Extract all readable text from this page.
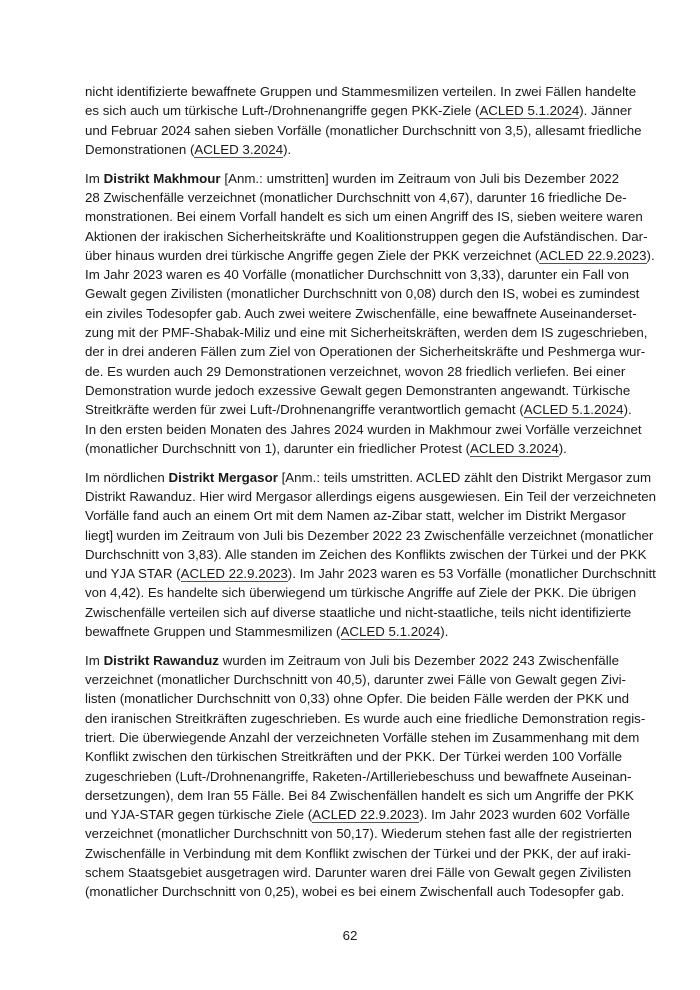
nicht identifizierte bewaffnete Gruppen und Stammesmilizen verteilen. In zwei Fällen handelte
es sich auch um türkische Luft-/Drohnenangriffe gegen PKK-Ziele (ACLED 5.1.2024). Jänner
und Februar 2024 sahen sieben Vorfälle (monatlicher Durchschnitt von 3,5), allesamt friedliche
Demonstrationen (ACLED 3.2024).
Im Distrikt Makhmour [Anm.: umstritten] wurden im Zeitraum von Juli bis Dezember 2022
28 Zwischenfälle verzeichnet (monatlicher Durchschnitt von 4,67), darunter 16 friedliche De-
monstrationen. Bei einem Vorfall handelt es sich um einen Angriff des IS, sieben weitere waren
Aktionen der irakischen Sicherheitskräfte und Koalitionstruppen gegen die Aufständischen. Dar-
über hinaus wurden drei türkische Angriffe gegen Ziele der PKK verzeichnet (ACLED 22.9.2023).
Im Jahr 2023 waren es 40 Vorfälle (monatlicher Durchschnitt von 3,33), darunter ein Fall von
Gewalt gegen Zivilisten (monatlicher Durchschnitt von 0,08) durch den IS, wobei es zumindest
ein ziviles Todesopfer gab. Auch zwei weitere Zwischenfälle, eine bewaffnete Auseinanderset-
zung mit der PMF-Shabak-Miliz und eine mit Sicherheitskräften, werden dem IS zugeschrieben,
der in drei anderen Fällen zum Ziel von Operationen der Sicherheitskräfte und Peshmerga wur-
de. Es wurden auch 29 Demonstrationen verzeichnet, wovon 28 friedlich verliefen. Bei einer
Demonstration wurde jedoch exzessive Gewalt gegen Demonstranten angewandt. Türkische
Streitkräfte werden für zwei Luft-/Drohnenangriffe verantwortlich gemacht (ACLED 5.1.2024).
In den ersten beiden Monaten des Jahres 2024 wurden in Makhmour zwei Vorfälle verzeichnet
(monatlicher Durchschnitt von 1), darunter ein friedlicher Protest (ACLED 3.2024).
Im nördlichen Distrikt Mergasor [Anm.: teils umstritten. ACLED zählt den Distrikt Mergasor zum
Distrikt Rawanduz. Hier wird Mergasor allerdings eigens ausgewiesen. Ein Teil der verzeichneten
Vorfälle fand auch an einem Ort mit dem Namen az-Zibar statt, welcher im Distrikt Mergasor
liegt] wurden im Zeitraum von Juli bis Dezember 2022 23 Zwischenfälle verzeichnet (monatlicher
Durchschnitt von 3,83). Alle standen im Zeichen des Konflikts zwischen der Türkei und der PKK
und YJA STAR (ACLED 22.9.2023). Im Jahr 2023 waren es 53 Vorfälle (monatlicher Durchschnitt
von 4,42). Es handelte sich überwiegend um türkische Angriffe auf Ziele der PKK. Die übrigen
Zwischenfälle verteilen sich auf diverse staatliche und nicht-staatliche, teils nicht identifizierte
bewaffnete Gruppen und Stammesmilizen (ACLED 5.1.2024).
Im Distrikt Rawanduz wurden im Zeitraum von Juli bis Dezember 2022 243 Zwischenfälle
verzeichnet (monatlicher Durchschnitt von 40,5), darunter zwei Fälle von Gewalt gegen Zivi-
listen (monatlicher Durchschnitt von 0,33) ohne Opfer. Die beiden Fälle werden der PKK und
den iranischen Streitkräften zugeschrieben. Es wurde auch eine friedliche Demonstration regis-
triert. Die überwiegende Anzahl der verzeichneten Vorfälle stehen im Zusammenhang mit dem
Konflikt zwischen den türkischen Streitkräften und der PKK. Der Türkei werden 100 Vorfälle
zugeschrieben (Luft-/Drohnenangriffe, Raketen-/Artilleriebeschuss und bewaffnete Auseinan-
dersetzungen), dem Iran 55 Fälle. Bei 84 Zwischenfällen handelt es sich um Angriffe der PKK
und YJA-STAR gegen türkische Ziele (ACLED 22.9.2023). Im Jahr 2023 wurden 602 Vorfälle
verzeichnet (monatlicher Durchschnitt von 50,17). Wiederum stehen fast alle der registrierten
Zwischenfälle in Verbindung mit dem Konflikt zwischen der Türkei und der PKK, der auf iraki-
schem Staatsgebiet ausgetragen wird. Darunter waren drei Fälle von Gewalt gegen Zivilisten
(monatlicher Durchschnitt von 0,25), wobei es bei einem Zwischenfall auch Todesopfer gab.
62
